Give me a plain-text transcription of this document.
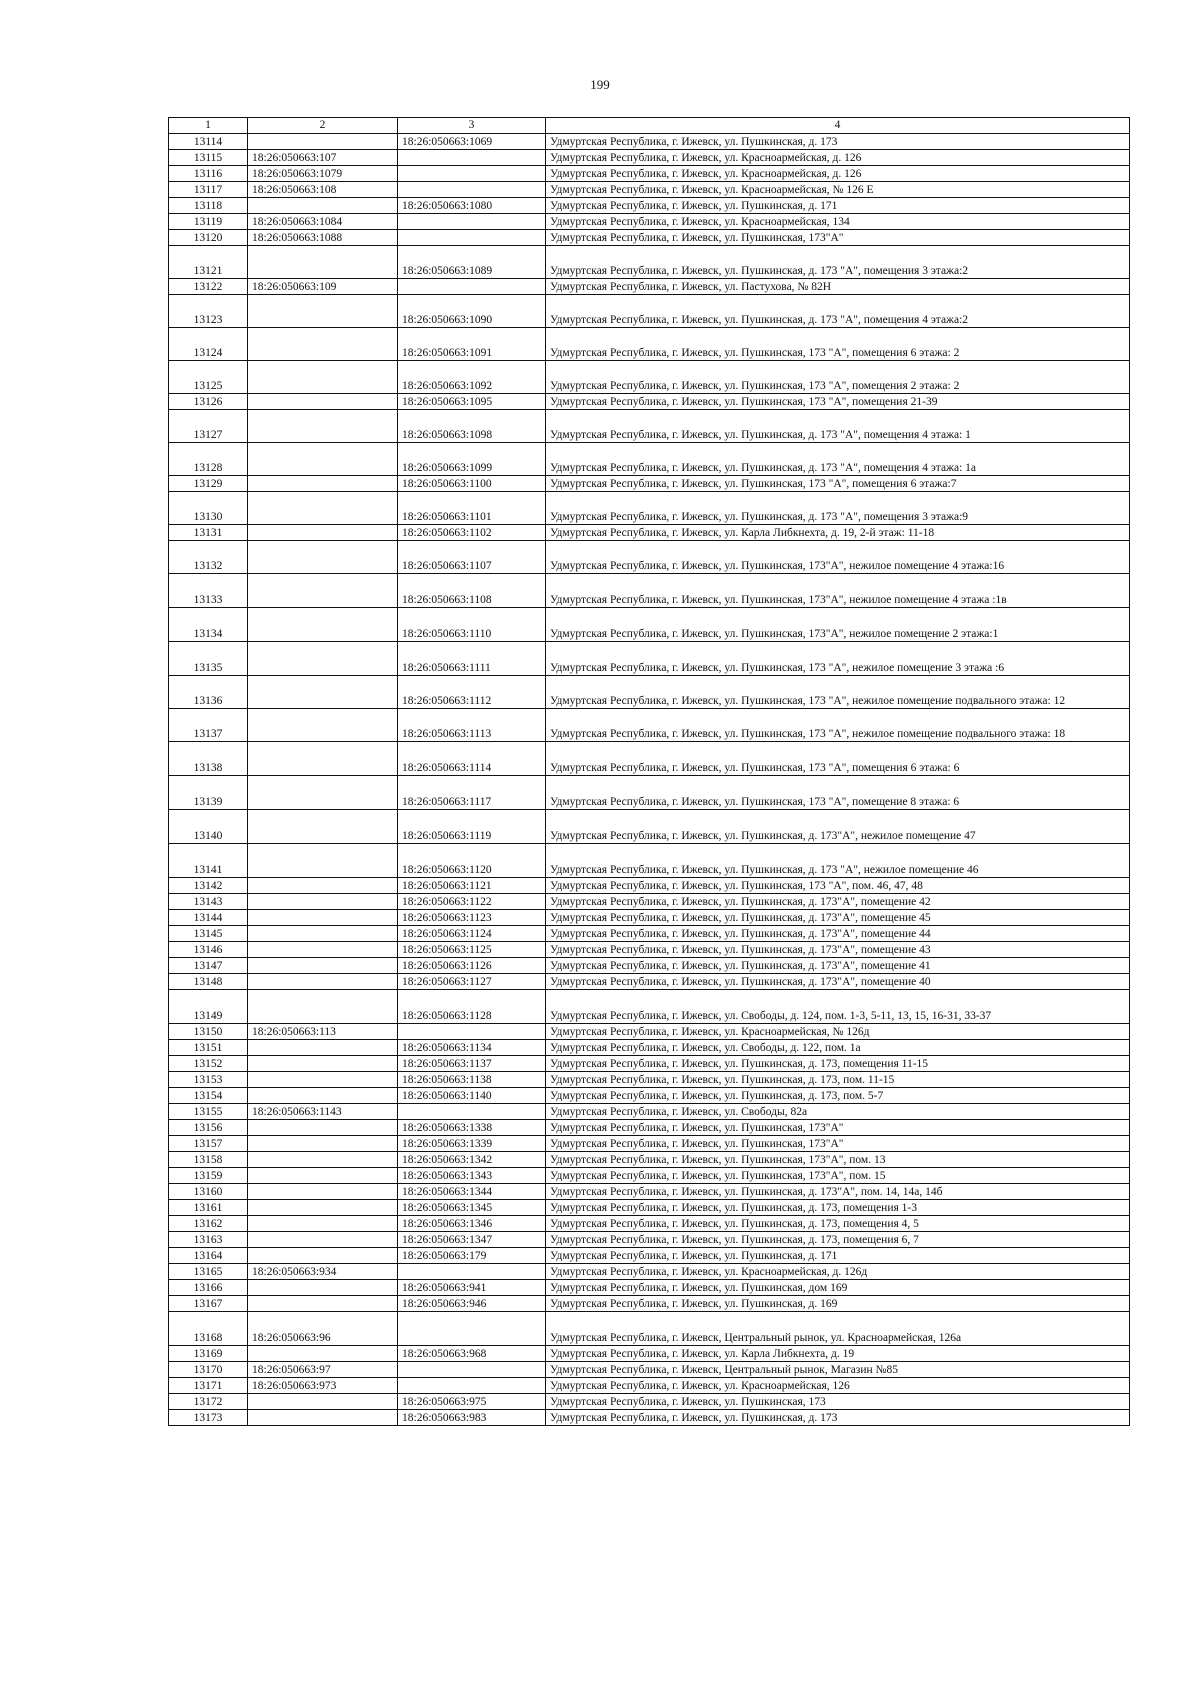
199
1	2	3	4
13114		18:26:050663:1069	Удмуртская Республика, г. Ижевск, ул. Пушкинская, д. 173
13115	18:26:050663:107		Удмуртская Республика, г. Ижевск, ул. Красноармейская, д. 126
13116	18:26:050663:1079		Удмуртская Республика, г. Ижевск, ул. Красноармейская, д. 126
13117	18:26:050663:108		Удмуртская Республика, г. Ижевск, ул. Красноармейская, № 126 Е
13118		18:26:050663:1080	Удмуртская Республика, г. Ижевск, ул. Пушкинская, д. 171
13119	18:26:050663:1084		Удмуртская Республика, г. Ижевск, ул. Красноармейская, 134
13120	18:26:050663:1088		Удмуртская Республика, г. Ижевск, ул. Пушкинская, 173"А"
13121		18:26:050663:1089	Удмуртская Республика, г. Ижевск, ул. Пушкинская, д. 173 "А", помещения 3 этажа:2
13122	18:26:050663:109		Удмуртская Республика, г. Ижевск, ул. Пастухова, № 82Н
13123		18:26:050663:1090	Удмуртская Республика, г. Ижевск, ул. Пушкинская, д. 173 "А", помещения 4 этажа:2
13124		18:26:050663:1091	Удмуртская Республика, г. Ижевск, ул. Пушкинская, 173 "А", помещения 6 этажа: 2
13125		18:26:050663:1092	Удмуртская Республика, г. Ижевск, ул. Пушкинская, 173 "А", помещения 2 этажа: 2
13126		18:26:050663:1095	Удмуртская Республика, г. Ижевск, ул. Пушкинская, 173 "А", помещения 21-39
13127		18:26:050663:1098	Удмуртская Республика, г. Ижевск, ул. Пушкинская, д. 173 "А", помещения 4 этажа: 1
13128		18:26:050663:1099	Удмуртская Республика, г. Ижевск, ул. Пушкинская, д. 173 "А", помещения 4 этажа: 1а
13129		18:26:050663:1100	Удмуртская Республика, г. Ижевск, ул. Пушкинская, 173 "А", помещения 6 этажа:7
13130		18:26:050663:1101	Удмуртская Республика, г. Ижевск, ул. Пушкинская, д. 173 "А", помещения 3 этажа:9
13131		18:26:050663:1102	Удмуртская Республика, г. Ижевск, ул. Карла Либкнехта, д. 19, 2-й этаж: 11-18
13132		18:26:050663:1107	Удмуртская Республика, г. Ижевск, ул. Пушкинская, 173"А", нежилое помещение 4 этажа:16
13133		18:26:050663:1108	Удмуртская Республика, г. Ижевск, ул. Пушкинская, 173"А", нежилое помещение 4 этажа :1в
13134		18:26:050663:1110	Удмуртская Республика, г. Ижевск, ул. Пушкинская, 173"А", нежилое помещение 2 этажа:1
13135		18:26:050663:1111	Удмуртская Республика, г. Ижевск, ул. Пушкинская, 173 "А", нежилое помещение 3 этажа :6
13136		18:26:050663:1112	Удмуртская Республика, г. Ижевск, ул. Пушкинская, 173 "А", нежилое помещение подвального этажа: 12
13137		18:26:050663:1113	Удмуртская Республика, г. Ижевск, ул. Пушкинская, 173 "А", нежилое помещение подвального этажа: 18
13138		18:26:050663:1114	Удмуртская Республика, г. Ижевск, ул. Пушкинская, 173 "А", помещения 6 этажа: 6
13139		18:26:050663:1117	Удмуртская Республика, г. Ижевск, ул. Пушкинская, 173 "А", помещение 8 этажа: 6
13140		18:26:050663:1119	Удмуртская Республика, г. Ижевск, ул. Пушкинская, д. 173"А", нежилое помещение 47
13141		18:26:050663:1120	Удмуртская Республика, г. Ижевск, ул. Пушкинская, д. 173 "А", нежилое помещение 46
13142		18:26:050663:1121	Удмуртская Республика, г. Ижевск, ул. Пушкинская, 173 "А", пом. 46, 47, 48
13143		18:26:050663:1122	Удмуртская Республика, г. Ижевск, ул. Пушкинская, д. 173"А", помещение 42
13144		18:26:050663:1123	Удмуртская Республика, г. Ижевск, ул. Пушкинская, д. 173"А", помещение 45
13145		18:26:050663:1124	Удмуртская Республика, г. Ижевск, ул. Пушкинская, д. 173"А", помещение 44
13146		18:26:050663:1125	Удмуртская Республика, г. Ижевск, ул. Пушкинская, д. 173"А", помещение 43
13147		18:26:050663:1126	Удмуртская Республика, г. Ижевск, ул. Пушкинская, д. 173"А", помещение 41
13148		18:26:050663:1127	Удмуртская Республика, г. Ижевск, ул. Пушкинская, д. 173"А", помещение 40
13149		18:26:050663:1128	Удмуртская Республика, г. Ижевск, ул. Свободы, д. 124, пом. 1-3, 5-11, 13, 15, 16-31, 33-37
13150	18:26:050663:113		Удмуртская Республика, г. Ижевск, ул. Красноармейская, № 126д
13151		18:26:050663:1134	Удмуртская Республика, г. Ижевск, ул. Свободы, д. 122, пом. 1а
13152		18:26:050663:1137	Удмуртская Республика, г. Ижевск, ул. Пушкинская, д. 173, помещения 11-15
13153		18:26:050663:1138	Удмуртская Республика, г. Ижевск, ул. Пушкинская, д. 173, пом. 11-15
13154		18:26:050663:1140	Удмуртская Республика, г. Ижевск, ул. Пушкинская, д. 173, пом. 5-7
13155	18:26:050663:1143		Удмуртская Республика, г. Ижевск, ул. Свободы, 82а
13156		18:26:050663:1338	Удмуртская Республика, г. Ижевск, ул. Пушкинская, 173"А"
13157		18:26:050663:1339	Удмуртская Республика, г. Ижевск, ул. Пушкинская, 173"А"
13158		18:26:050663:1342	Удмуртская Республика, г. Ижевск, ул. Пушкинская, 173"А", пом. 13
13159		18:26:050663:1343	Удмуртская Республика, г. Ижевск, ул. Пушкинская, 173"А", пом. 15
13160		18:26:050663:1344	Удмуртская Республика, г. Ижевск, ул. Пушкинская, д. 173"А", пом. 14, 14а, 14б
13161		18:26:050663:1345	Удмуртская Республика, г. Ижевск, ул. Пушкинская, д. 173, помещения 1-3
13162		18:26:050663:1346	Удмуртская Республика, г. Ижевск, ул. Пушкинская, д. 173, помещения 4, 5
13163		18:26:050663:1347	Удмуртская Республика, г. Ижевск, ул. Пушкинская, д. 173, помещения 6, 7
13164		18:26:050663:179	Удмуртская Республика, г. Ижевск, ул. Пушкинская, д. 171
13165	18:26:050663:934		Удмуртская Республика, г. Ижевск, ул. Красноармейская, д. 126д
13166		18:26:050663:941	Удмуртская Республика, г. Ижевск, ул. Пушкинская, дом 169
13167		18:26:050663:946	Удмуртская Республика, г. Ижевск, ул. Пушкинская, д. 169
13168	18:26:050663:96		Удмуртская Республика, г. Ижевск, Центральный рынок, ул. Красноармейская, 126а
13169		18:26:050663:968	Удмуртская Республика, г. Ижевск, ул. Карла Либкнехта, д. 19
13170	18:26:050663:97		Удмуртская Республика, г. Ижевск, Центральный рынок, Магазин №85
13171	18:26:050663:973		Удмуртская Республика, г. Ижевск, ул. Красноармейская, 126
13172		18:26:050663:975	Удмуртская Республика, г. Ижевск, ул. Пушкинская, 173
13173		18:26:050663:983	Удмуртская Республика, г. Ижевск, ул. Пушкинская, д. 173
